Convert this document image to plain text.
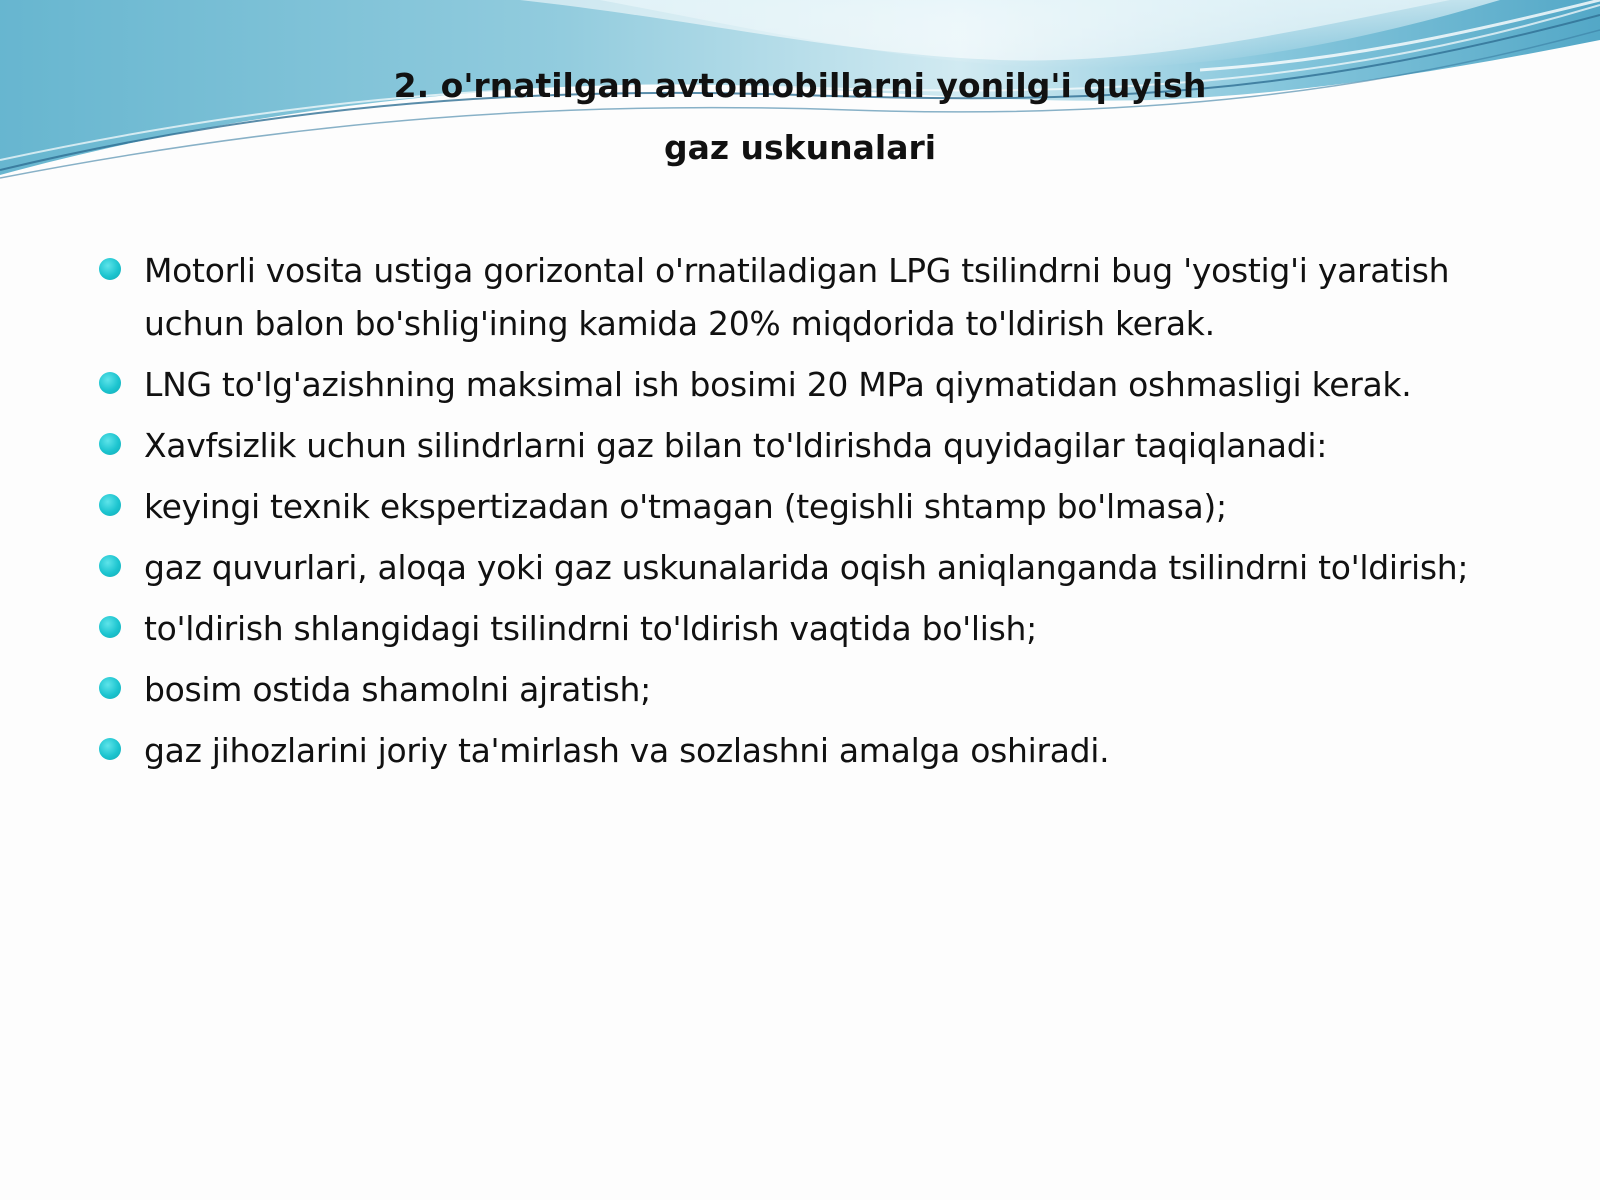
2. o'rnatilgan avtomobillarni yonilg'i quyish
gaz uskunalari
Motorli vosita ustiga gorizontal o'rnatiladigan LPG tsilindrni bug 'yostig'i yaratish uchun balon bo'shlig'ining kamida 20% miqdorida to'ldirish kerak.
LNG to'lg'azishning maksimal ish bosimi 20 MPa qiymatidan oshmasligi kerak.
Xavfsizlik uchun silindrlarni gaz bilan to'ldirishda quyidagilar taqiqlanadi:
keyingi texnik ekspertizadan o'tmagan (tegishli shtamp bo'lmasa);
gaz quvurlari, aloqa yoki gaz uskunalarida oqish aniqlanganda tsilindrni to'ldirish;
to'ldirish shlangidagi tsilindrni to'ldirish vaqtida bo'lish;
bosim ostida shamolni ajratish;
gaz jihozlarini joriy ta'mirlash va sozlashni amalga oshiradi.
